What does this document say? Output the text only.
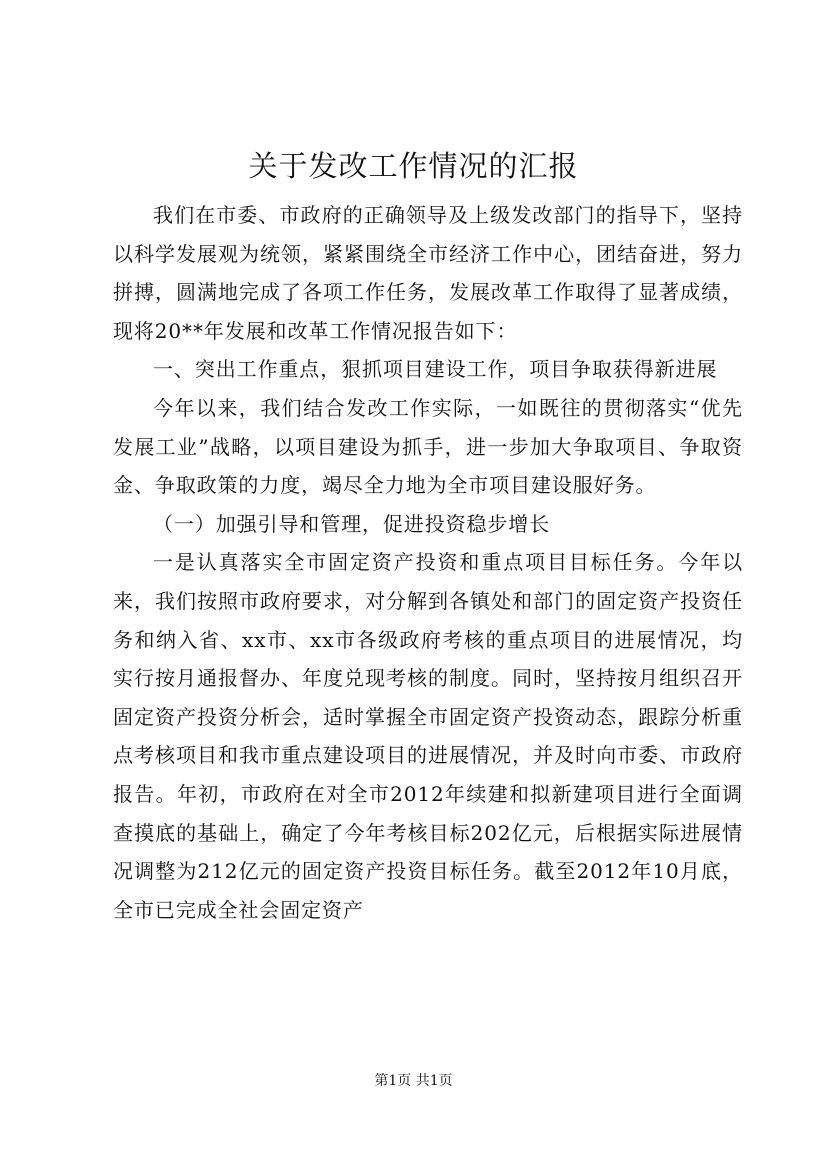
关于发改工作情况的汇报

我们在市委、市政府的正确领导及上级发改部门的指导下，坚持以科学发展观为统领，紧紧围绕全市经济工作中心，团结奋进，努力拼搏，圆满地完成了各项工作任务，发展改革工作取得了显著成绩，现将20**年发展和改革工作情况报告如下：

一、突出工作重点，狠抓项目建设工作，项目争取获得新进展

今年以来，我们结合发改工作实际，一如既往的贯彻落实“优先发展工业”战略，以项目建设为抓手，进一步加大争取项目、争取资金、争取政策的力度，竭尽全力地为全市项目建设服好务。

（一）加强引导和管理，促进投资稳步增长

一是认真落实全市固定资产投资和重点项目目标任务。今年以来，我们按照市政府要求，对分解到各镇处和部门的固定资产投资任务和纳入省、xx市、xx市各级政府考核的重点项目的进展情况，均实行按月通报督办、年度兑现考核的制度。同时，坚持按月组织召开固定资产投资分析会，适时掌握全市固定资产投资动态，跟踪分析重点考核项目和我市重点建设项目的进展情况，并及时向市委、市政府报告。年初，市政府在对全市2012年续建和拟新建项目进行全面调查摸底的基础上，确定了今年考核目标202亿元，后根据实际进展情况调整为212亿元的固定资产投资目标任务。截至2012年10月底，全市已完成全社会固定资产

第1页 共1页
